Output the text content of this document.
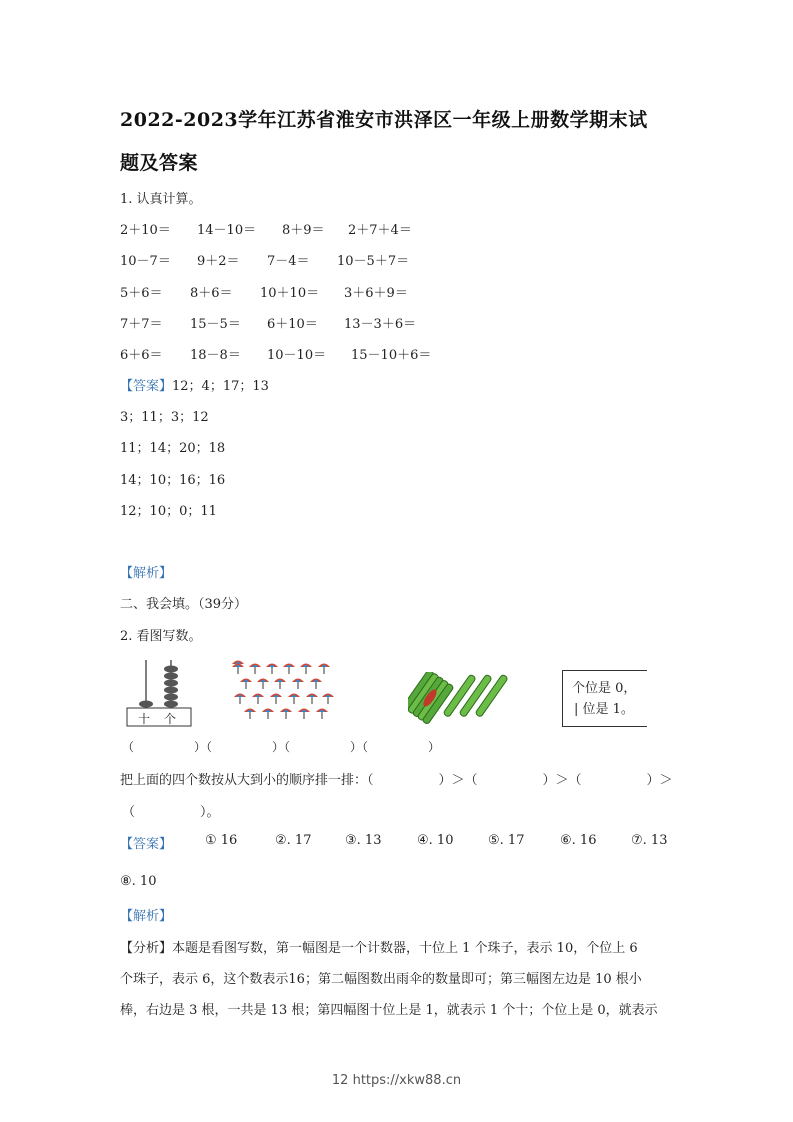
2022-2023学年江苏省淮安市洪泽区一年级上册数学期末试
题及答案
1. 认真计算。
2＋10＝ 14－10＝ 8＋9＝ 2＋7＋4＝
10－7＝ 9＋2＝ 7－4＝ 10－5＋7＝
5＋6＝ 8＋6＝ 10＋10＝ 3＋6＋9＝
7＋7＝ 15－5＝ 6＋10＝ 13－3＋6＝
6＋6＝ 18－8＝ 10－10＝ 15－10＋6＝
【答案】12；4；17；13
3；11；3；12
11；14；20；18
14；10；16；16
12；10；0；11
【解析】
二、我会填。（39分）
2. 看图写数。
十 个
个位是 0，
| 位是 1。
（　　　　　）（　　　　　）（　　　　　）（　　　　　）
把上面的四个数按从大到小的顺序排一排：（　　　　　）＞（　　　　　）＞（　　　　　）＞
（　　　　　）。
【答案】	① 16	②. 17	③. 13	④. 10	⑤. 17	⑥. 16	⑦. 13
⑧. 10
【解析】
【分析】本题是看图写数，第一幅图是一个计数器，十位上 1 个珠子，表示 10，个位上 6
个珠子，表示 6，这个数表示16；第二幅图数出雨伞的数量即可；第三幅图左边是 10 根小
棒，右边是 3 根，一共是 13 根；第四幅图十位上是 1，就表示 1 个十；个位上是 0，就表示
12 https://xkw88.cn
